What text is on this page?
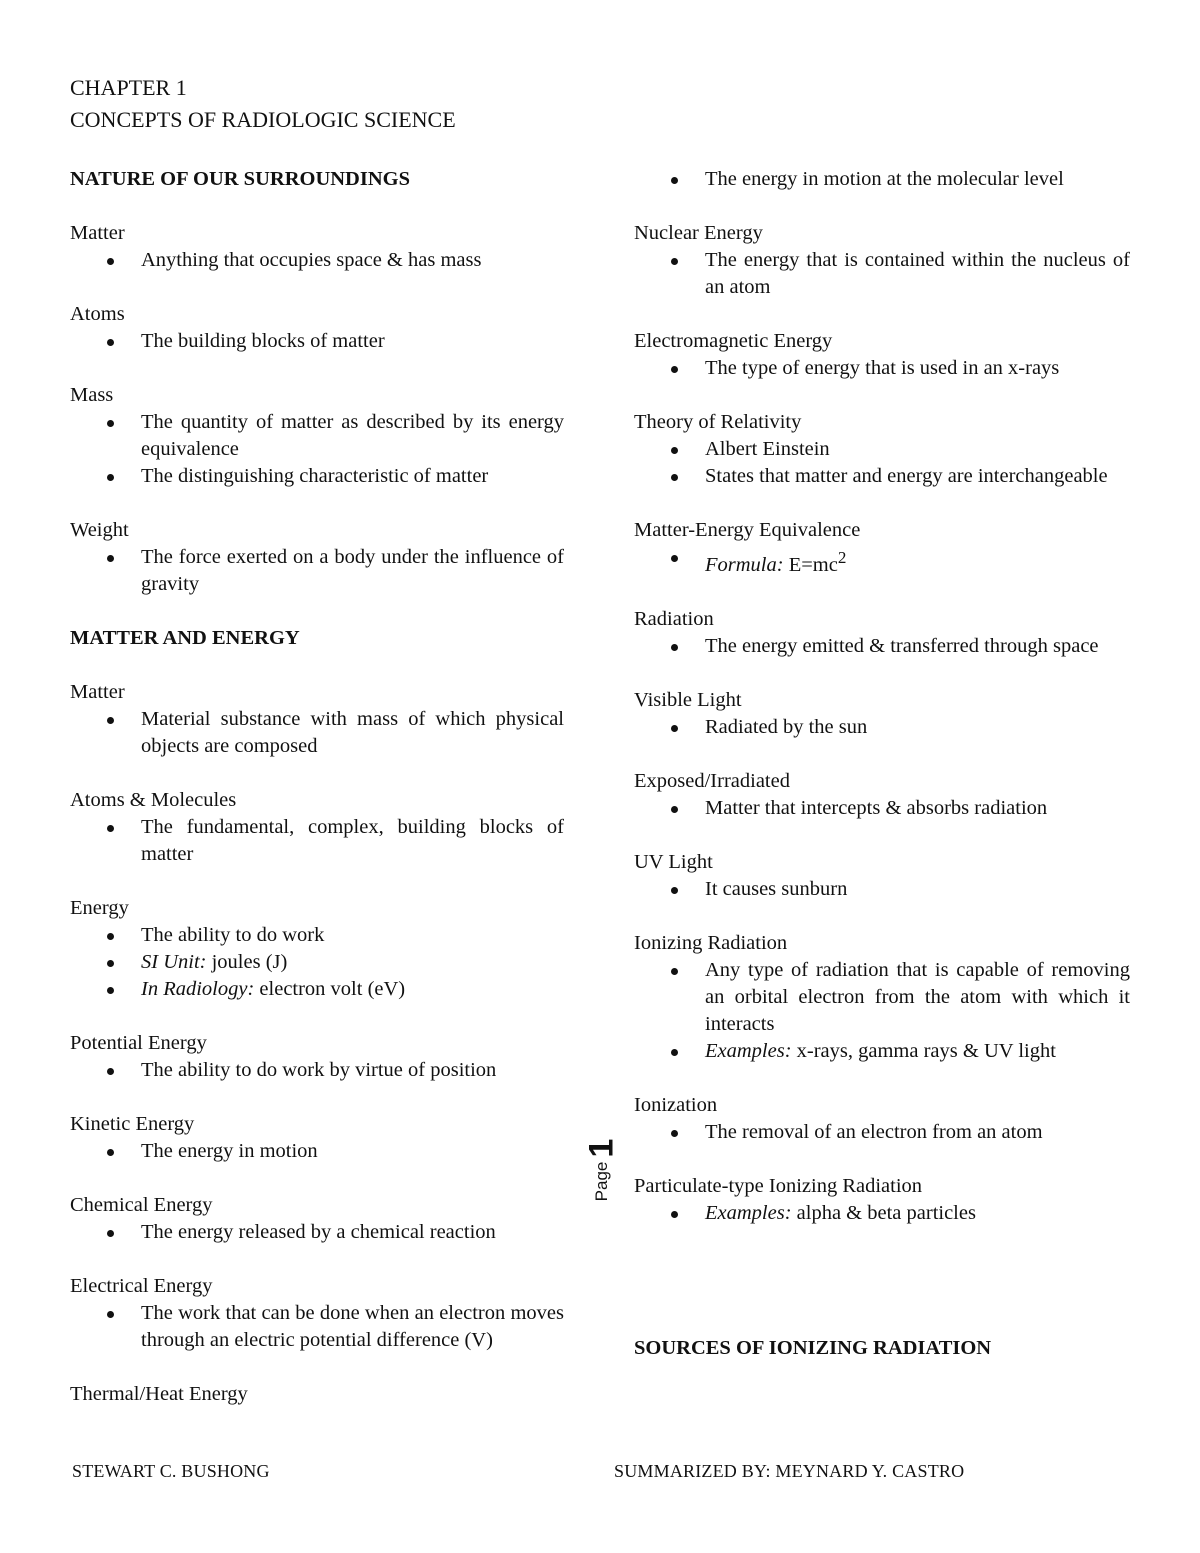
CHAPTER 1
CONCEPTS OF RADIOLOGIC SCIENCE

NATURE OF OUR SURROUNDINGS

Matter

Anything that occupies space & has mass

Atoms

The building blocks of matter

Mass

The quantity of matter as described by its energy equivalence
The distinguishing characteristic of matter

Weight

The force exerted on a body under the influence of gravity

MATTER AND ENERGY

Matter

Material substance with mass of which physical objects are composed

Atoms & Molecules

The fundamental, complex, building blocks of matter

Energy

The ability to do work
SI Unit: joules (J)
In Radiology: electron volt (eV)

Potential Energy

The ability to do work by virtue of position

Kinetic Energy

The energy in motion

Chemical Energy

The energy released by a chemical reaction

Electrical Energy

The work that can be done when an electron moves through an electric potential difference (V)

Thermal/Heat Energy

The energy in motion at the molecular level

Nuclear Energy

The energy that is contained within the nucleus of an atom

Electromagnetic Energy

The type of energy that is used in an x-rays

Theory of Relativity

Albert Einstein
States that matter and energy are interchangeable

Matter-Energy Equivalence

Formula: $E=mc^2$

Radiation

The energy emitted & transferred through space

Visible Light

Radiated by the sun

Exposed/Irradiated

Matter that intercepts & absorbs radiation

UV Light

It causes sunburn

Ionizing Radiation

Any type of radiation that is capable of removing an orbital electron from the atom with which it interacts
Examples: x-rays, gamma rays & UV light

Ionization

The removal of an electron from an atom

Particulate-type Ionizing Radiation

Examples: alpha & beta particles

SOURCES OF IONIZING RADIATION

Page1
STEWART C. BUSHONG	SUMMARIZED BY: MEYNARD Y. CASTRO
